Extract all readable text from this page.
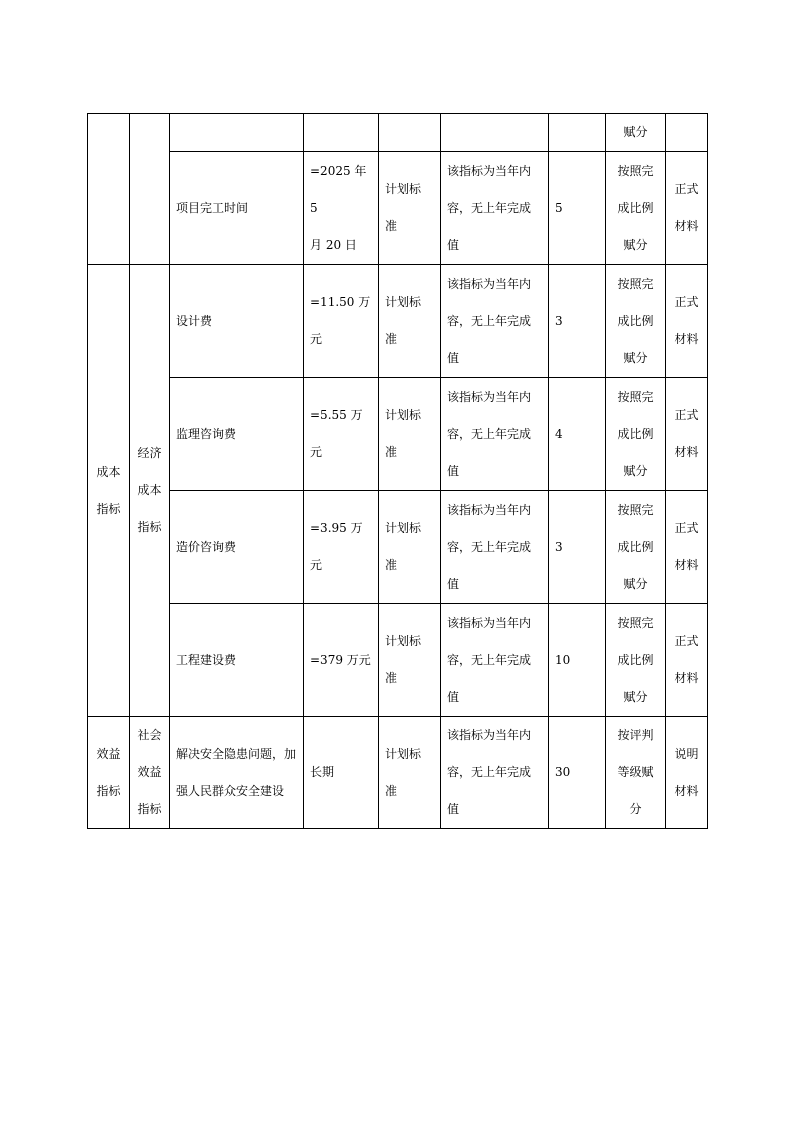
							赋分	
		项目完工时间	=2025 年 5
月 20 日	计划标
准	该指标为当年内
容，无上年完成值	5	按照完
成比例
赋分	正式
材料

成本
指标	经济
成本
指标	设计费	=11.50 万
元	计划标
准	该指标为当年内
容，无上年完成值	3	按照完
成比例
赋分	正式
材料

		监理咨询费	=5.55 万元	计划标
准	该指标为当年内
容，无上年完成值	4	按照完
成比例
赋分	正式
材料

		造价咨询费	=3.95 万元	计划标
准	该指标为当年内
容，无上年完成值	3	按照完
成比例
赋分	正式
材料

		工程建设费	=379 万元	计划标
准	该指标为当年内
容，无上年完成值	10	按照完
成比例
赋分	正式
材料

效益
指标	社会
效益
指标	解决安全隐患问题，加
强人民群众安全建设	长期	计划标
准	该指标为当年内
容，无上年完成值	30	按评判
等级赋
分	说明
材料
